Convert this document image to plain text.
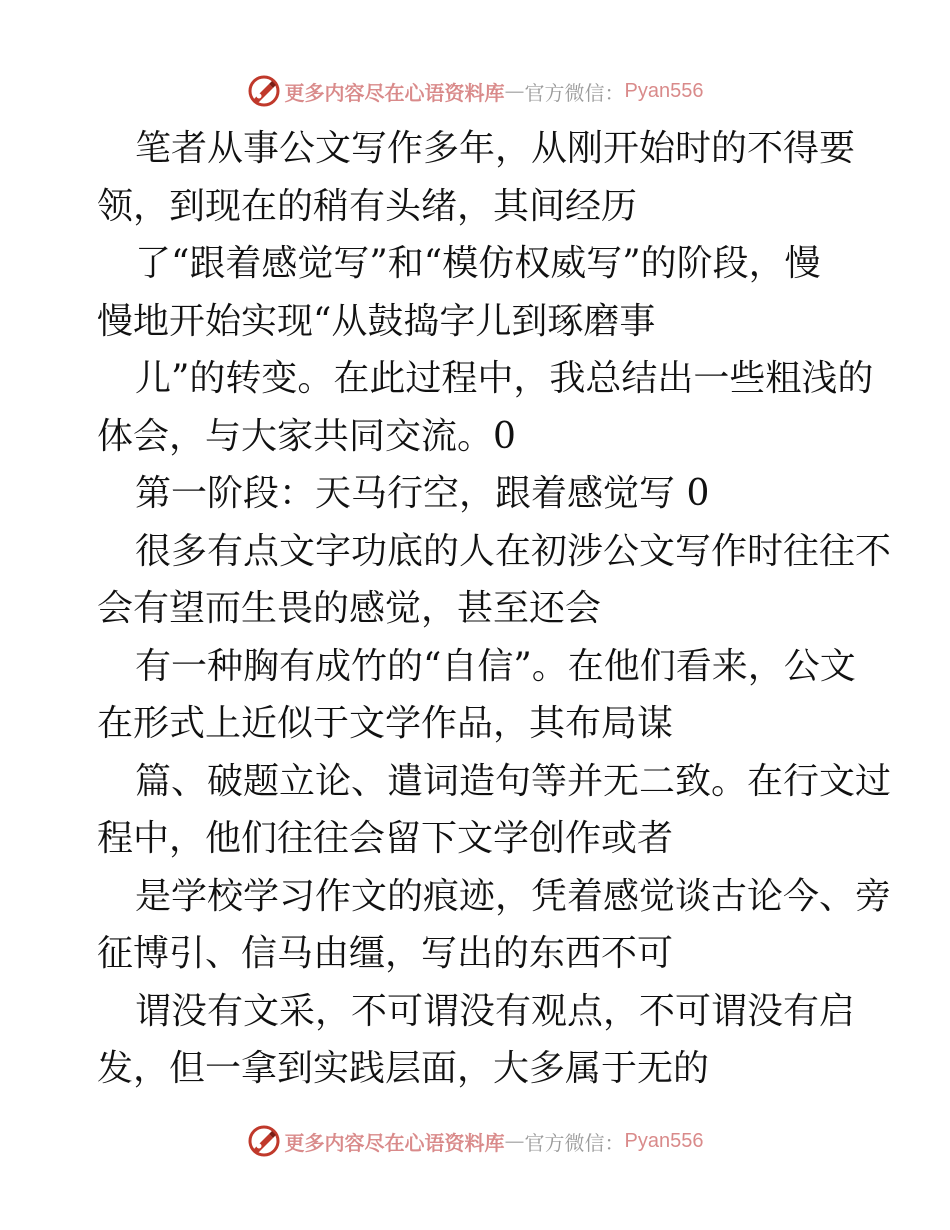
更多内容尽在心语资料库 — 官方微信： Pyan556
笔者从事公文写作多年，从刚开始时的不得要
领，到现在的稍有头绪，其间经历
了“跟着感觉写”和“模仿权威写”的阶段，慢
慢地开始实现“从鼓捣字儿到琢磨事
儿”的转变。在此过程中，我总结出一些粗浅的
体会，与大家共同交流。0
第一阶段：天马行空，跟着感觉写 0
很多有点文字功底的人在初涉公文写作时往往不
会有望而生畏的感觉，甚至还会
有一种胸有成竹的“自信”。在他们看来，公文
在形式上近似于文学作品，其布局谋
篇、破题立论、遣词造句等并无二致。在行文过
程中，他们往往会留下文学创作或者
是学校学习作文的痕迹，凭着感觉谈古论今、旁
征博引、信马由缰，写出的东西不可
谓没有文采，不可谓没有观点，不可谓没有启
发，但一拿到实践层面，大多属于无的
更多内容尽在心语资料库 — 官方微信： Pyan556
